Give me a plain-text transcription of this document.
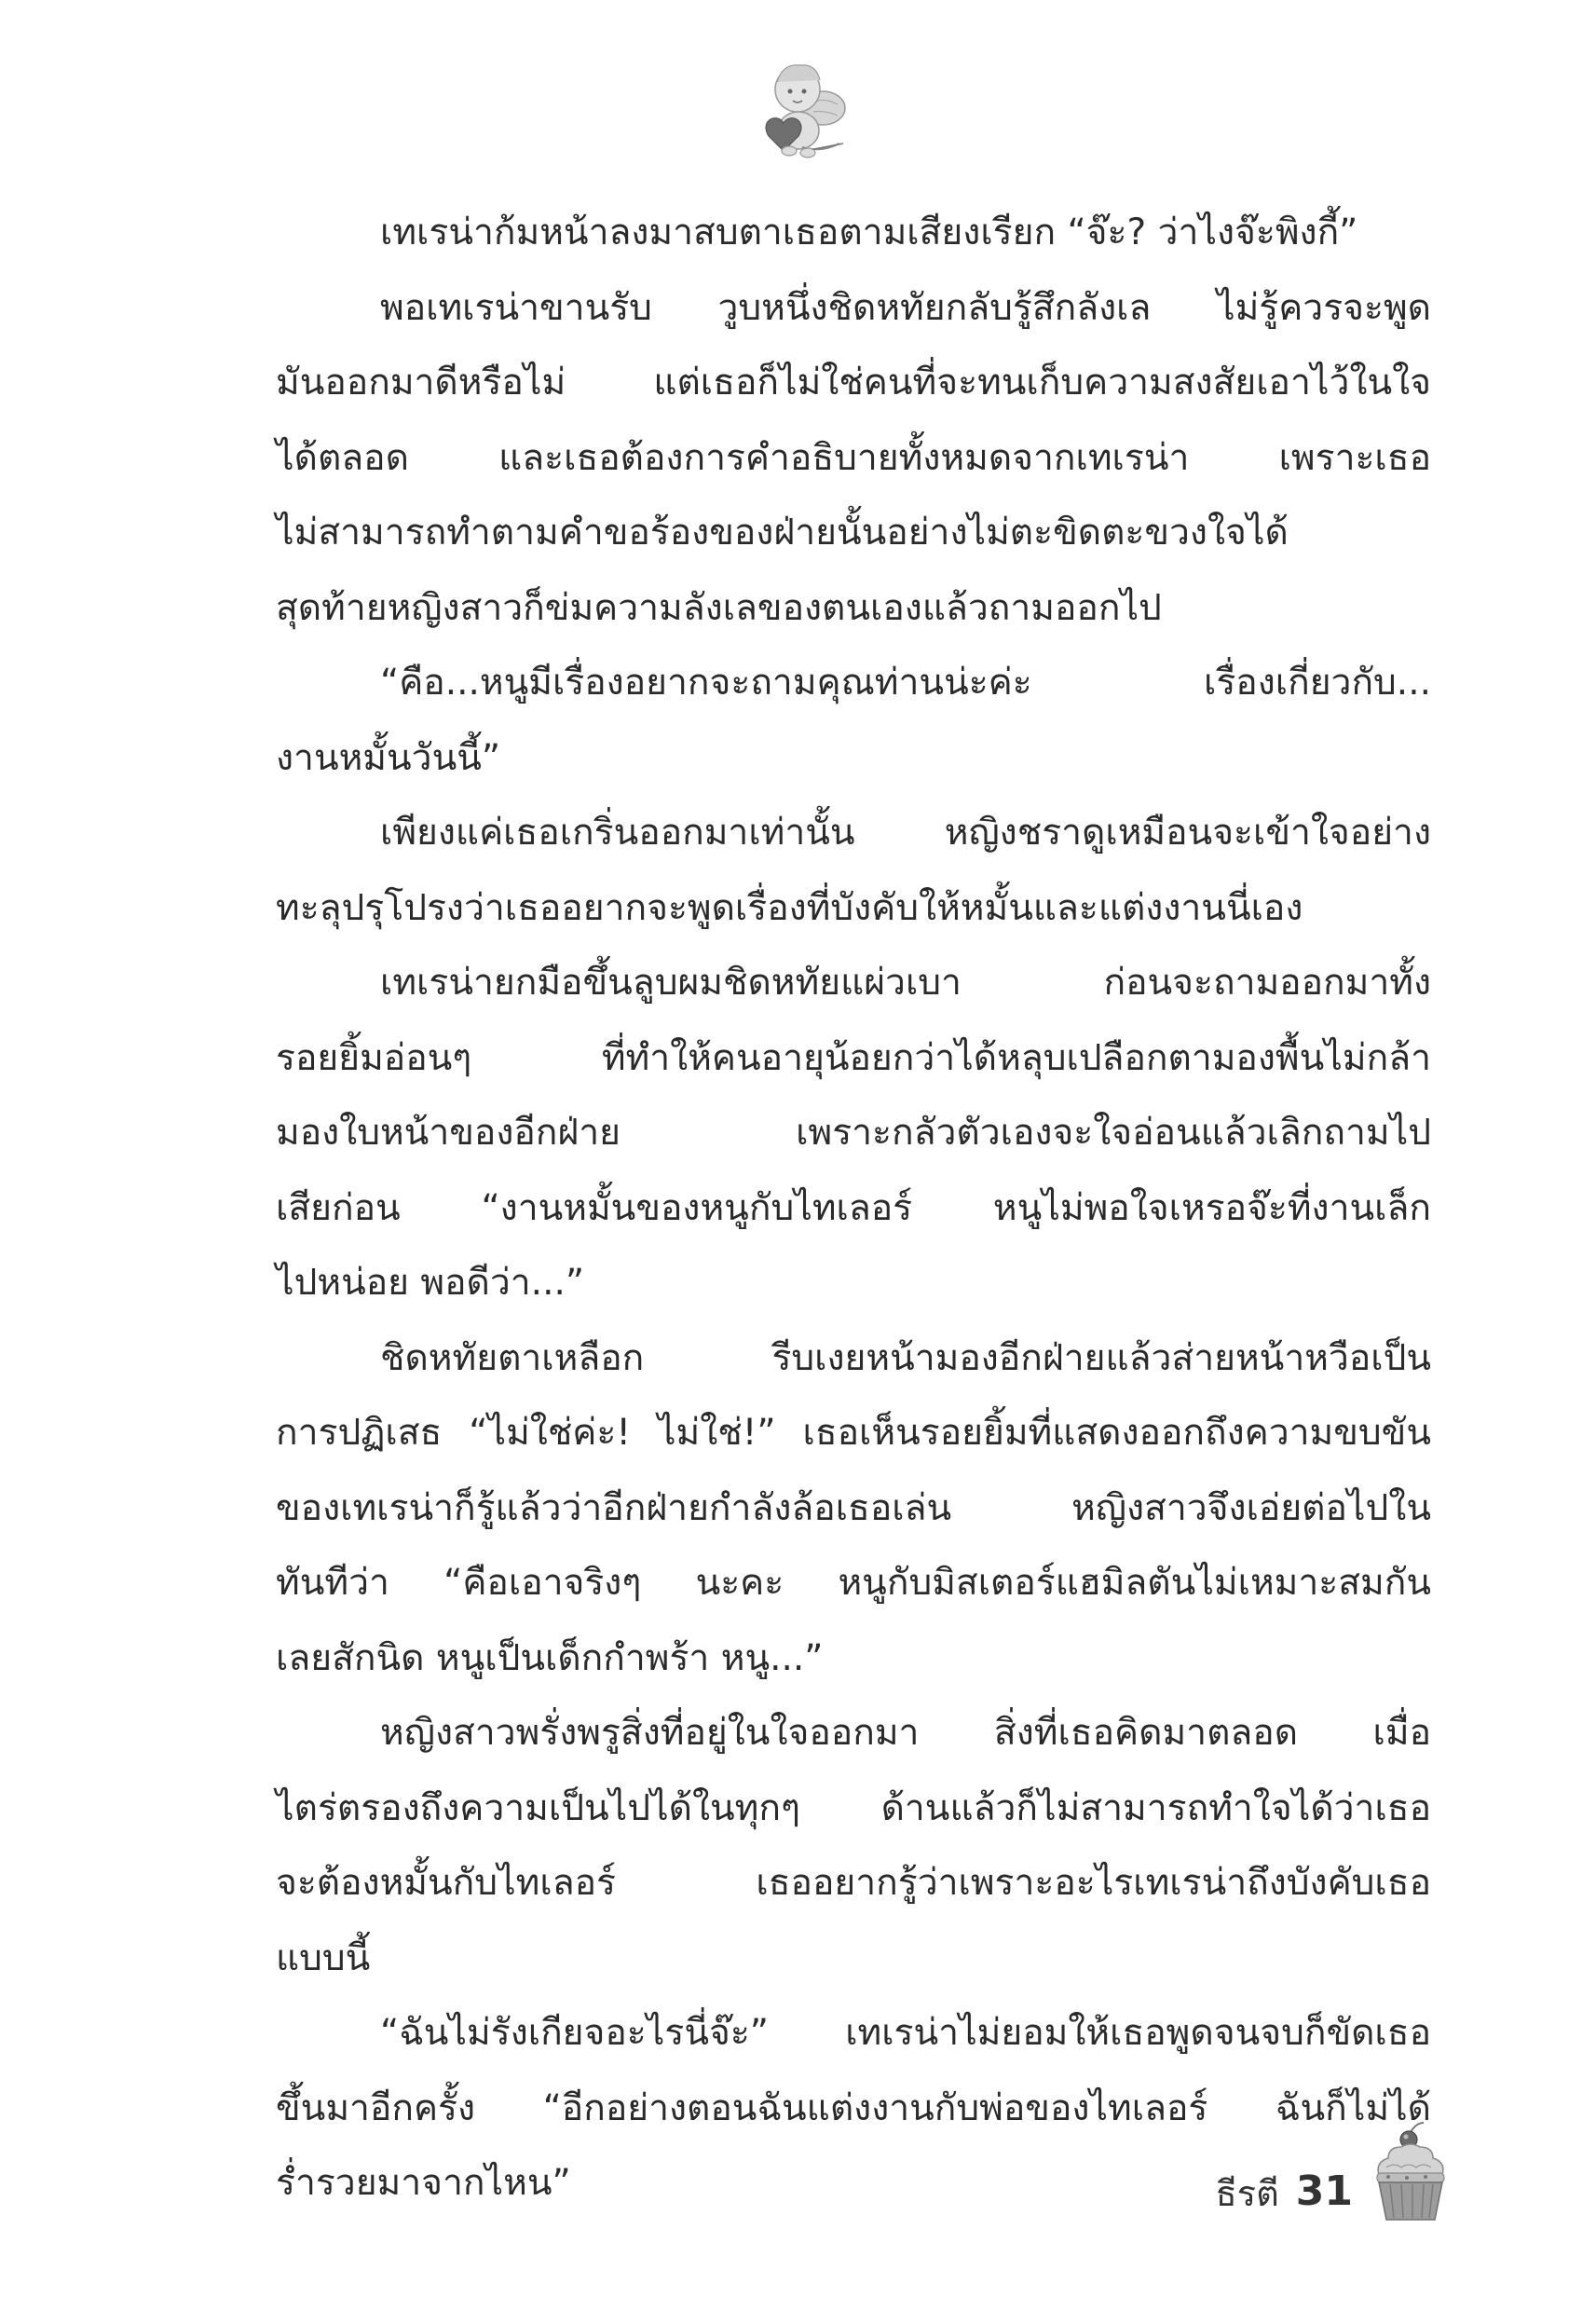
เทเรน่าก้มหน้าลงมาสบตาเธอตามเสียงเรียก “จ๊ะ? ว่าไงจ๊ะพิงกี้”
พอเทเรน่าขานรับ วูบหนึ่งชิดหทัยกลับรู้สึกลังเล ไม่รู้ควรจะพูด
มันออกมาดีหรือไม่ แต่เธอก็ไม่ใช่คนที่จะทนเก็บความสงสัยเอาไว้ในใจ
ได้ตลอด และเธอต้องการคำอธิบายทั้งหมดจากเทเรน่า เพราะเธอ
ไม่สามารถทำตามคำขอร้องของฝ่ายนั้นอย่างไม่ตะขิดตะขวงใจได้
สุดท้ายหญิงสาวก็ข่มความลังเลของตนเองแล้วถามออกไป
“คือ...หนูมีเรื่องอยากจะถามคุณท่านน่ะค่ะ เรื่องเกี่ยวกับ...
งานหมั้นวันนี้”
เพียงแค่เธอเกริ่นออกมาเท่านั้น หญิงชราดูเหมือนจะเข้าใจอย่าง
ทะลุปรุโปรงว่าเธออยากจะพูดเรื่องที่บังคับให้หมั้นและแต่งงานนี่เอง
เทเรน่ายกมือขึ้นลูบผมชิดหทัยแผ่วเบา ก่อนจะถามออกมาทั้ง
รอยยิ้มอ่อนๆ ที่ทำให้คนอายุน้อยกว่าได้หลุบเปลือกตามองพื้นไม่กล้า
มองใบหน้าของอีกฝ่าย เพราะกลัวตัวเองจะใจอ่อนแล้วเลิกถามไป
เสียก่อน “งานหมั้นของหนูกับไทเลอร์ หนูไม่พอใจเหรอจ๊ะที่งานเล็ก
ไปหน่อย พอดีว่า...”
ชิดหทัยตาเหลือก รีบเงยหน้ามองอีกฝ่ายแล้วส่ายหน้าหวือเป็น
การปฏิเสธ “ไม่ใช่ค่ะ! ไม่ใช่!” เธอเห็นรอยยิ้มที่แสดงออกถึงความขบขัน
ของเทเรน่าก็รู้แล้วว่าอีกฝ่ายกำลังล้อเธอเล่น หญิงสาวจึงเอ่ยต่อไปใน
ทันทีว่า “คือเอาจริงๆ นะคะ หนูกับมิสเตอร์แฮมิลตันไม่เหมาะสมกัน
เลยสักนิด หนูเป็นเด็กกำพร้า หนู...”
หญิงสาวพรั่งพรูสิ่งที่อยู่ในใจออกมา สิ่งที่เธอคิดมาตลอด เมื่อ
ไตร่ตรองถึงความเป็นไปได้ในทุกๆ ด้านแล้วก็ไม่สามารถทำใจได้ว่าเธอ
จะต้องหมั้นกับไทเลอร์ เธออยากรู้ว่าเพราะอะไรเทเรน่าถึงบังคับเธอ
แบบนี้
“ฉันไม่รังเกียจอะไรนี่จ๊ะ” เทเรน่าไม่ยอมให้เธอพูดจนจบก็ขัดเธอ
ขึ้นมาอีกครั้ง “อีกอย่างตอนฉันแต่งงานกับพ่อของไทเลอร์ ฉันก็ไม่ได้
ร่ำรวยมาจากไหน”	ธีรตี 31
